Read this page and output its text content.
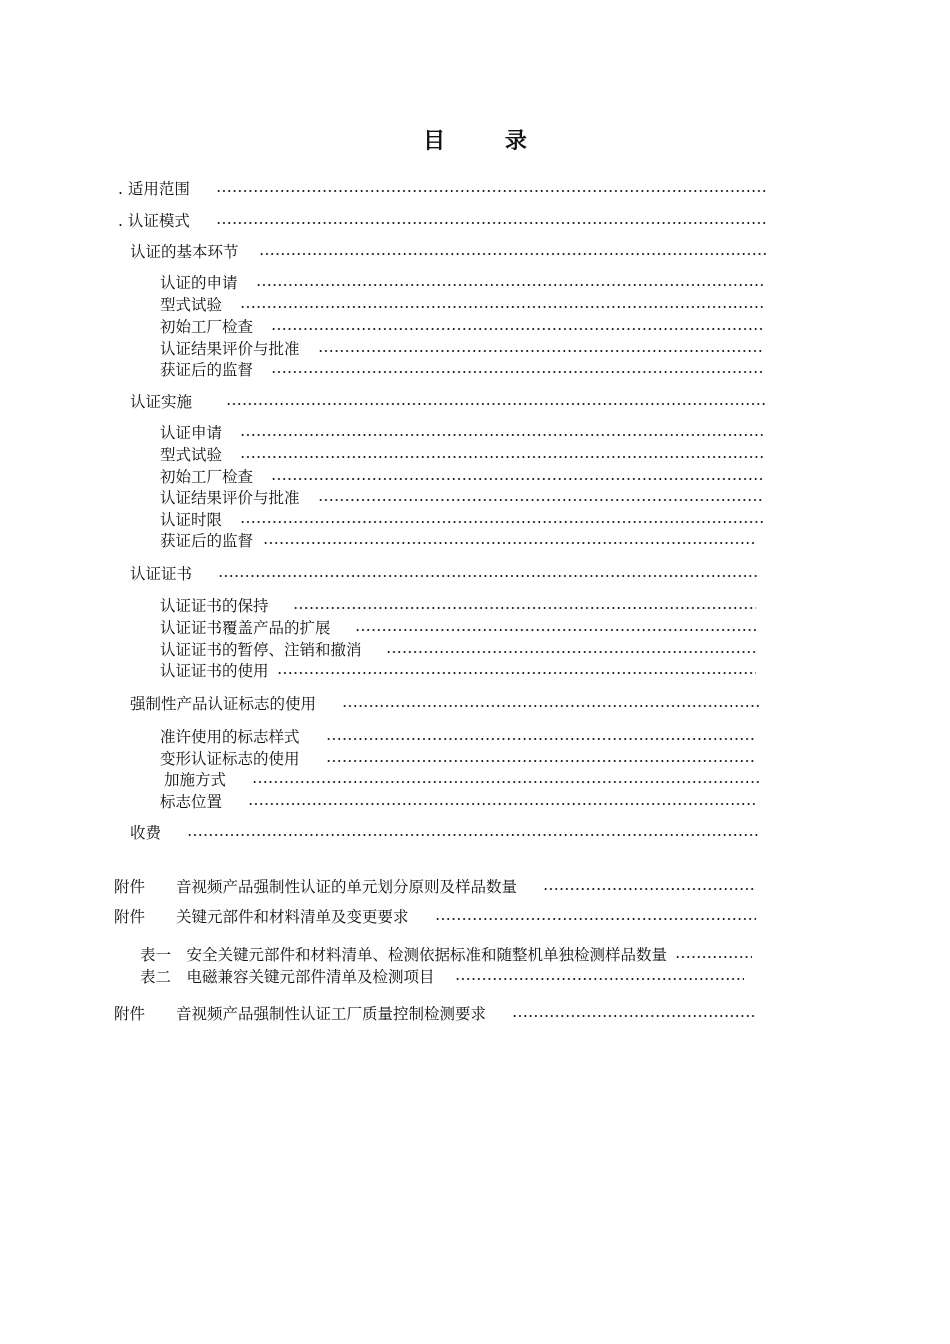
目 录
. 适用范围
. 认证模式
认证的基本环节
认证的申请
型式试验
初始工厂检查
认证结果评价与批准
获证后的监督
认证实施
认证申请
型式试验
初始工厂检查
认证结果评价与批准
认证时限
获证后的监督
认证证书
认证证书的保持
认证证书覆盖产品的扩展
认证证书的暂停、注销和撤消
认证证书的使用
强制性产品认证标志的使用
准许使用的标志样式
变形认证标志的使用
加施方式
标志位置
收费
附件　　音视频产品强制性认证的单元划分原则及样品数量
附件　　关键元部件和材料清单及变更要求
表一　安全关键元部件和材料清单、检测依据标准和随整机单独检测样品数量
表二　电磁兼容关键元部件清单及检测项目
附件　　音视频产品强制性认证工厂质量控制检测要求
